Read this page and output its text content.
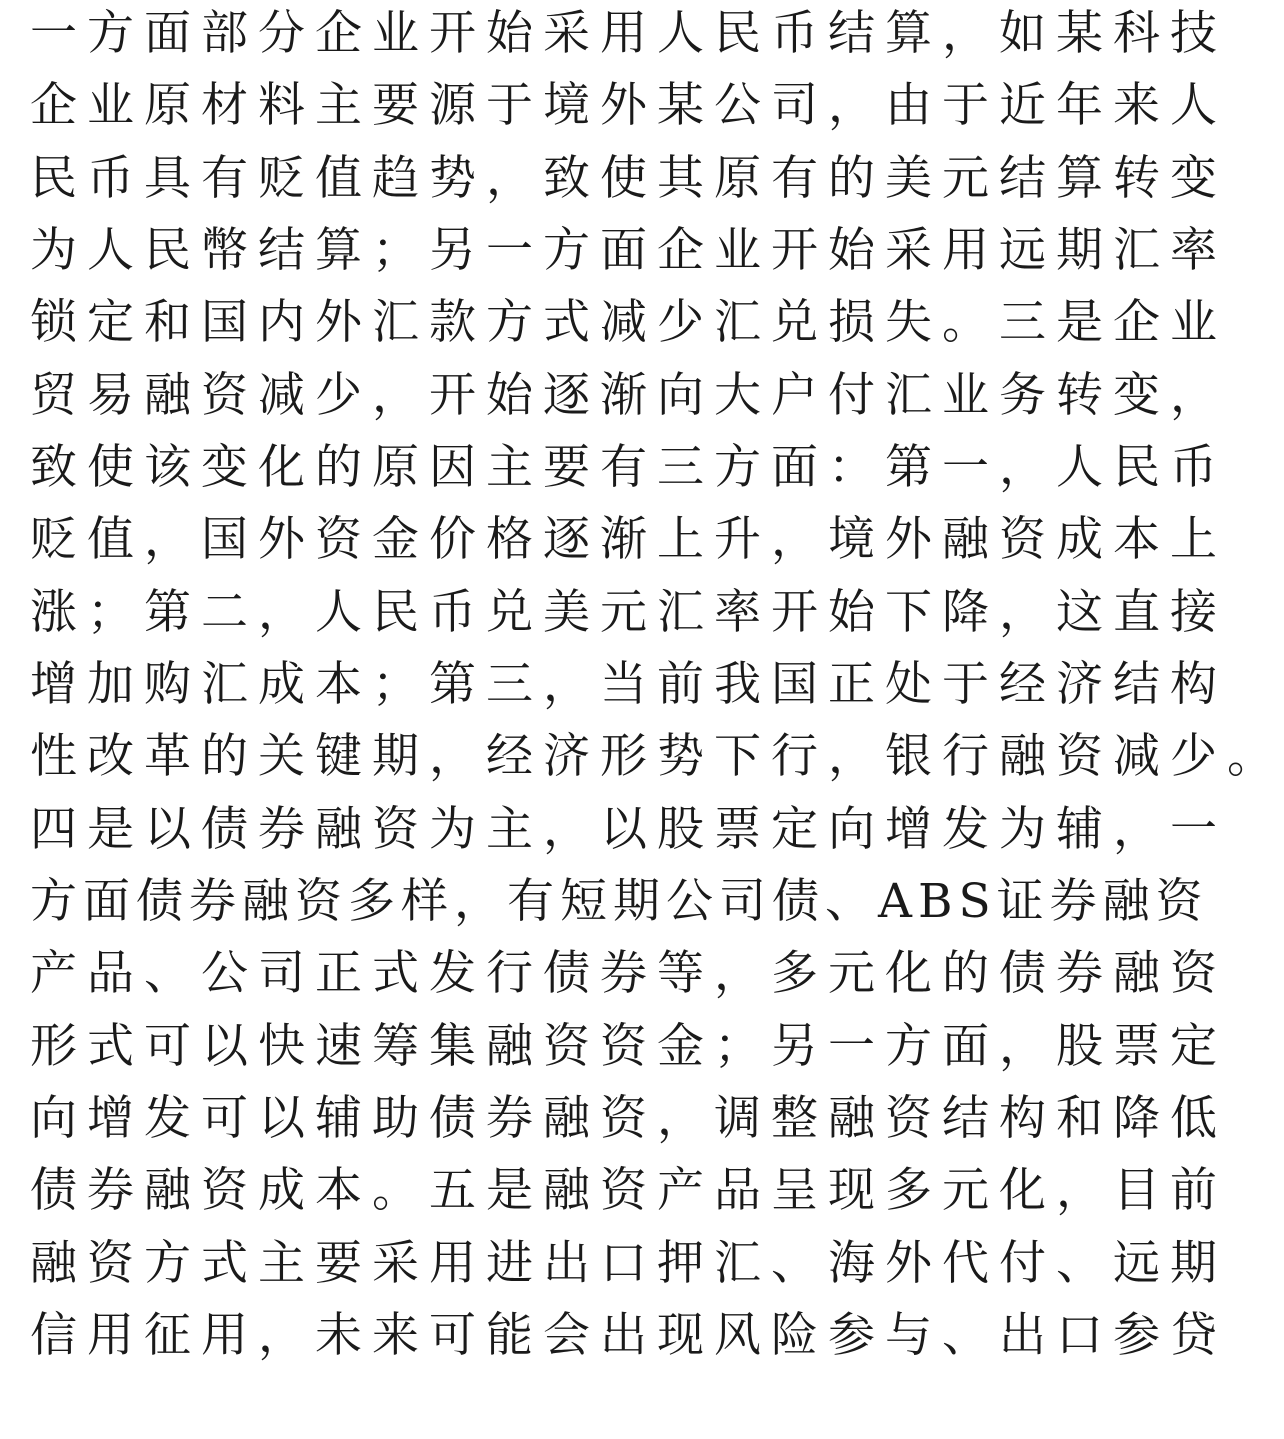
一方面部分企业开始采用人民币结算，如某科技
企业原材料主要源于境外某公司，由于近年来人
民币具有贬值趋势，致使其原有的美元结算转变
为人民幣结算；另一方面企业开始采用远期汇率
锁定和国内外汇款方式减少汇兑损失。三是企业
贸易融资减少，开始逐渐向大户付汇业务转变，
致使该变化的原因主要有三方面：第一，人民币
贬值，国外资金价格逐渐上升，境外融资成本上
涨；第二，人民币兑美元汇率开始下降，这直接
增加购汇成本；第三，当前我国正处于经济结构
性改革的关键期，经济形势下行，银行融资减少。
四是以债券融资为主，以股票定向增发为辅，一
方面债券融资多样，有短期公司债、ABS证券融资
产品、公司正式发行债券等，多元化的债券融资
形式可以快速筹集融资资金；另一方面，股票定
向增发可以辅助债券融资，调整融资结构和降低
债券融资成本。五是融资产品呈现多元化，目前
融资方式主要采用进出口押汇、海外代付、远期
信用征用，未来可能会出现风险参与、出口参贷
